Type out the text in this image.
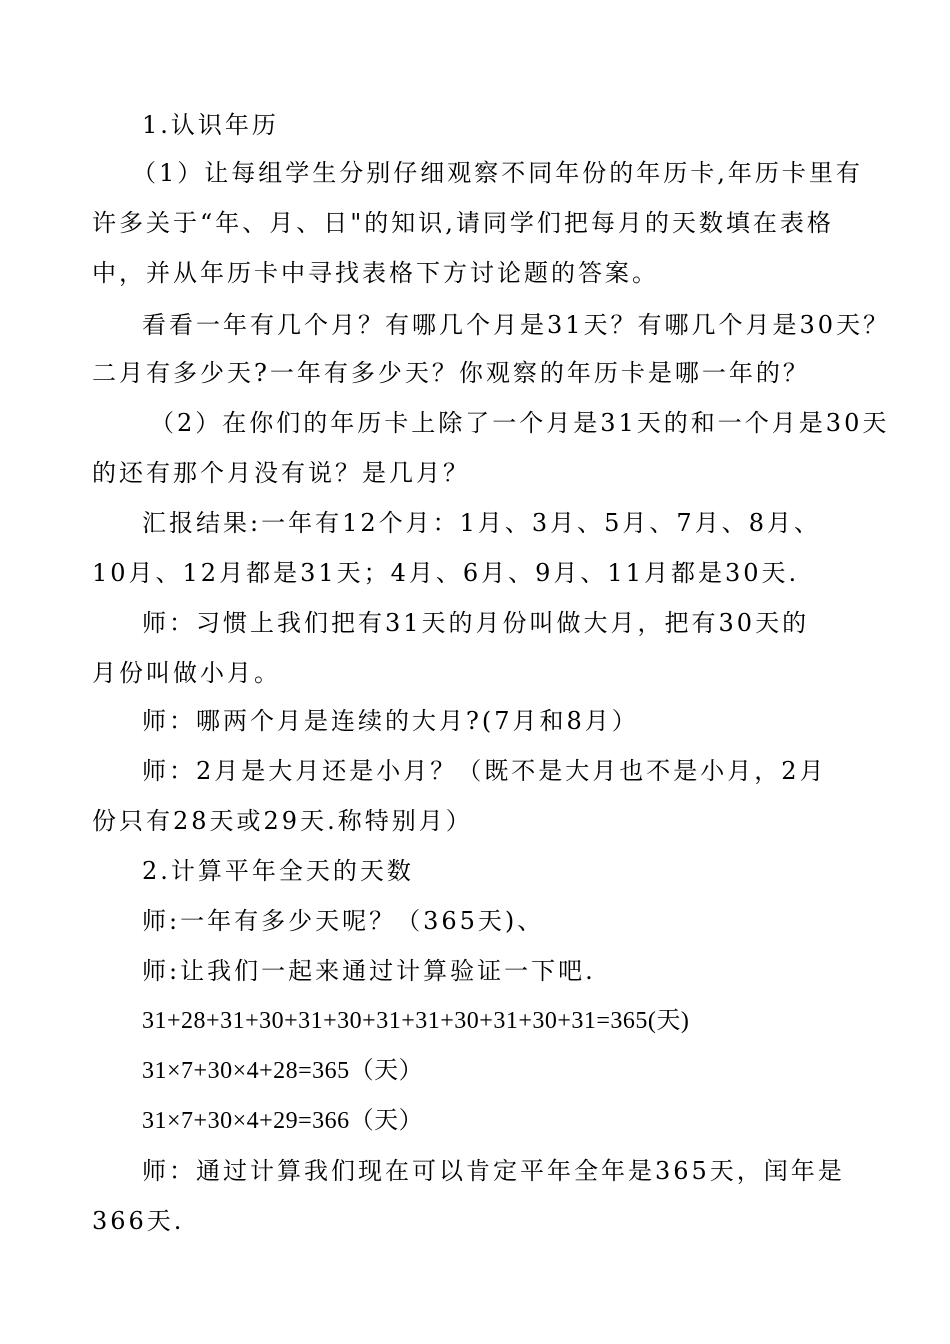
1.认识年历
（1）让每组学生分别仔细观察不同年份的年历卡,年历卡里有
许多关于“年、月、日"的知识,请同学们把每月的天数填在表格
中，并从年历卡中寻找表格下方讨论题的答案。
看看一年有几个月？有哪几个月是31天？有哪几个月是30天？
二月有多少天?一年有多少天？你观察的年历卡是哪一年的？
（2）在你们的年历卡上除了一个月是31天的和一个月是30天
的还有那个月没有说？是几月？
汇报结果:一年有12个月：1月、3月、5月、7月、8月、
10月、12月都是31天；4月、6月、9月、11月都是30天.
师：习惯上我们把有31天的月份叫做大月，把有30天的
月份叫做小月。
师：哪两个月是连续的大月?(7月和8月）
师：2月是大月还是小月？（既不是大月也不是小月，2月
份只有28天或29天.称特别月）
2.计算平年全天的天数
师:一年有多少天呢？（365天)、
师:让我们一起来通过计算验证一下吧.
31+28+31+30+31+30+31+31+30+31+30+31=365(天)
31×7+30×4+28=365（天）
31×7+30×4+29=366（天）
师：通过计算我们现在可以肯定平年全年是365天，闰年是
366天.
